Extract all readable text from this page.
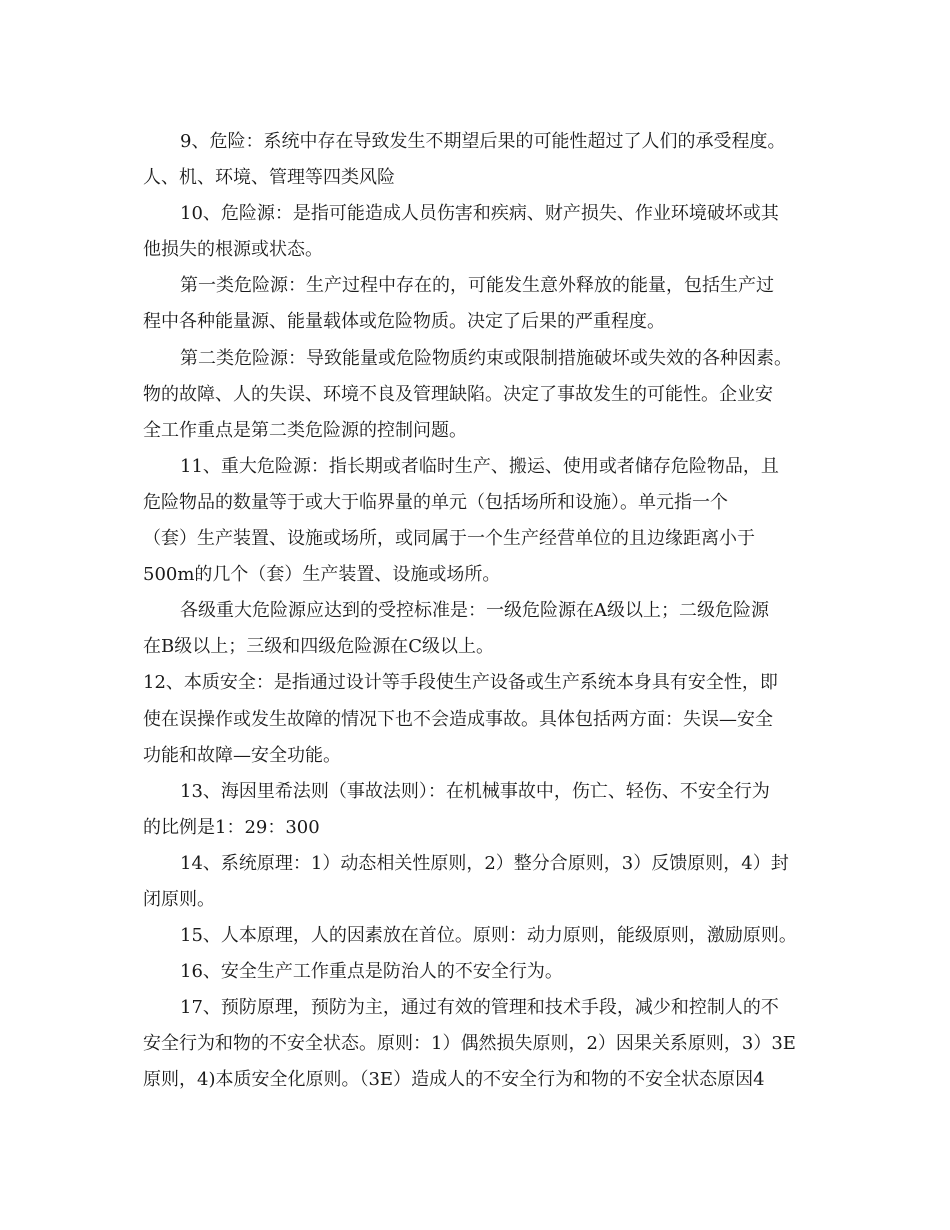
9、危险：系统中存在导致发生不期望后果的可能性超过了人们的承受程度。
人、机、环境、管理等四类风险
10、危险源：是指可能造成人员伤害和疾病、财产损失、作业环境破坏或其
他损失的根源或状态。
第一类危险源：生产过程中存在的，可能发生意外释放的能量，包括生产过
程中各种能量源、能量载体或危险物质。决定了后果的严重程度。
第二类危险源：导致能量或危险物质约束或限制措施破坏或失效的各种因素。
物的故障、人的失误、环境不良及管理缺陷。决定了事故发生的可能性。企业安
全工作重点是第二类危险源的控制问题。
11、重大危险源：指长期或者临时生产、搬运、使用或者储存危险物品，且
危险物品的数量等于或大于临界量的单元（包括场所和设施）。单元指一个
（套）生产装置、设施或场所，或同属于一个生产经营单位的且边缘距离小于
500m的几个（套）生产装置、设施或场所。
各级重大危险源应达到的受控标准是：一级危险源在A级以上；二级危险源
在B级以上；三级和四级危险源在C级以上。
12、本质安全：是指通过设计等手段使生产设备或生产系统本身具有安全性，即
使在误操作或发生故障的情况下也不会造成事故。具体包括两方面：失误—安全
功能和故障—安全功能。
13、海因里希法则（事故法则）：在机械事故中，伤亡、轻伤、不安全行为
的比例是1：29：300
14、系统原理：1）动态相关性原则，2）整分合原则，3）反馈原则，4）封
闭原则。
15、人本原理，人的因素放在首位。原则：动力原则，能级原则，激励原则。
16、安全生产工作重点是防治人的不安全行为。
17、预防原理，预防为主，通过有效的管理和技术手段，减少和控制人的不
安全行为和物的不安全状态。原则：1）偶然损失原则，2）因果关系原则，3）3E
原则，4)本质安全化原则。（3E）造成人的不安全行为和物的不安全状态原因4
